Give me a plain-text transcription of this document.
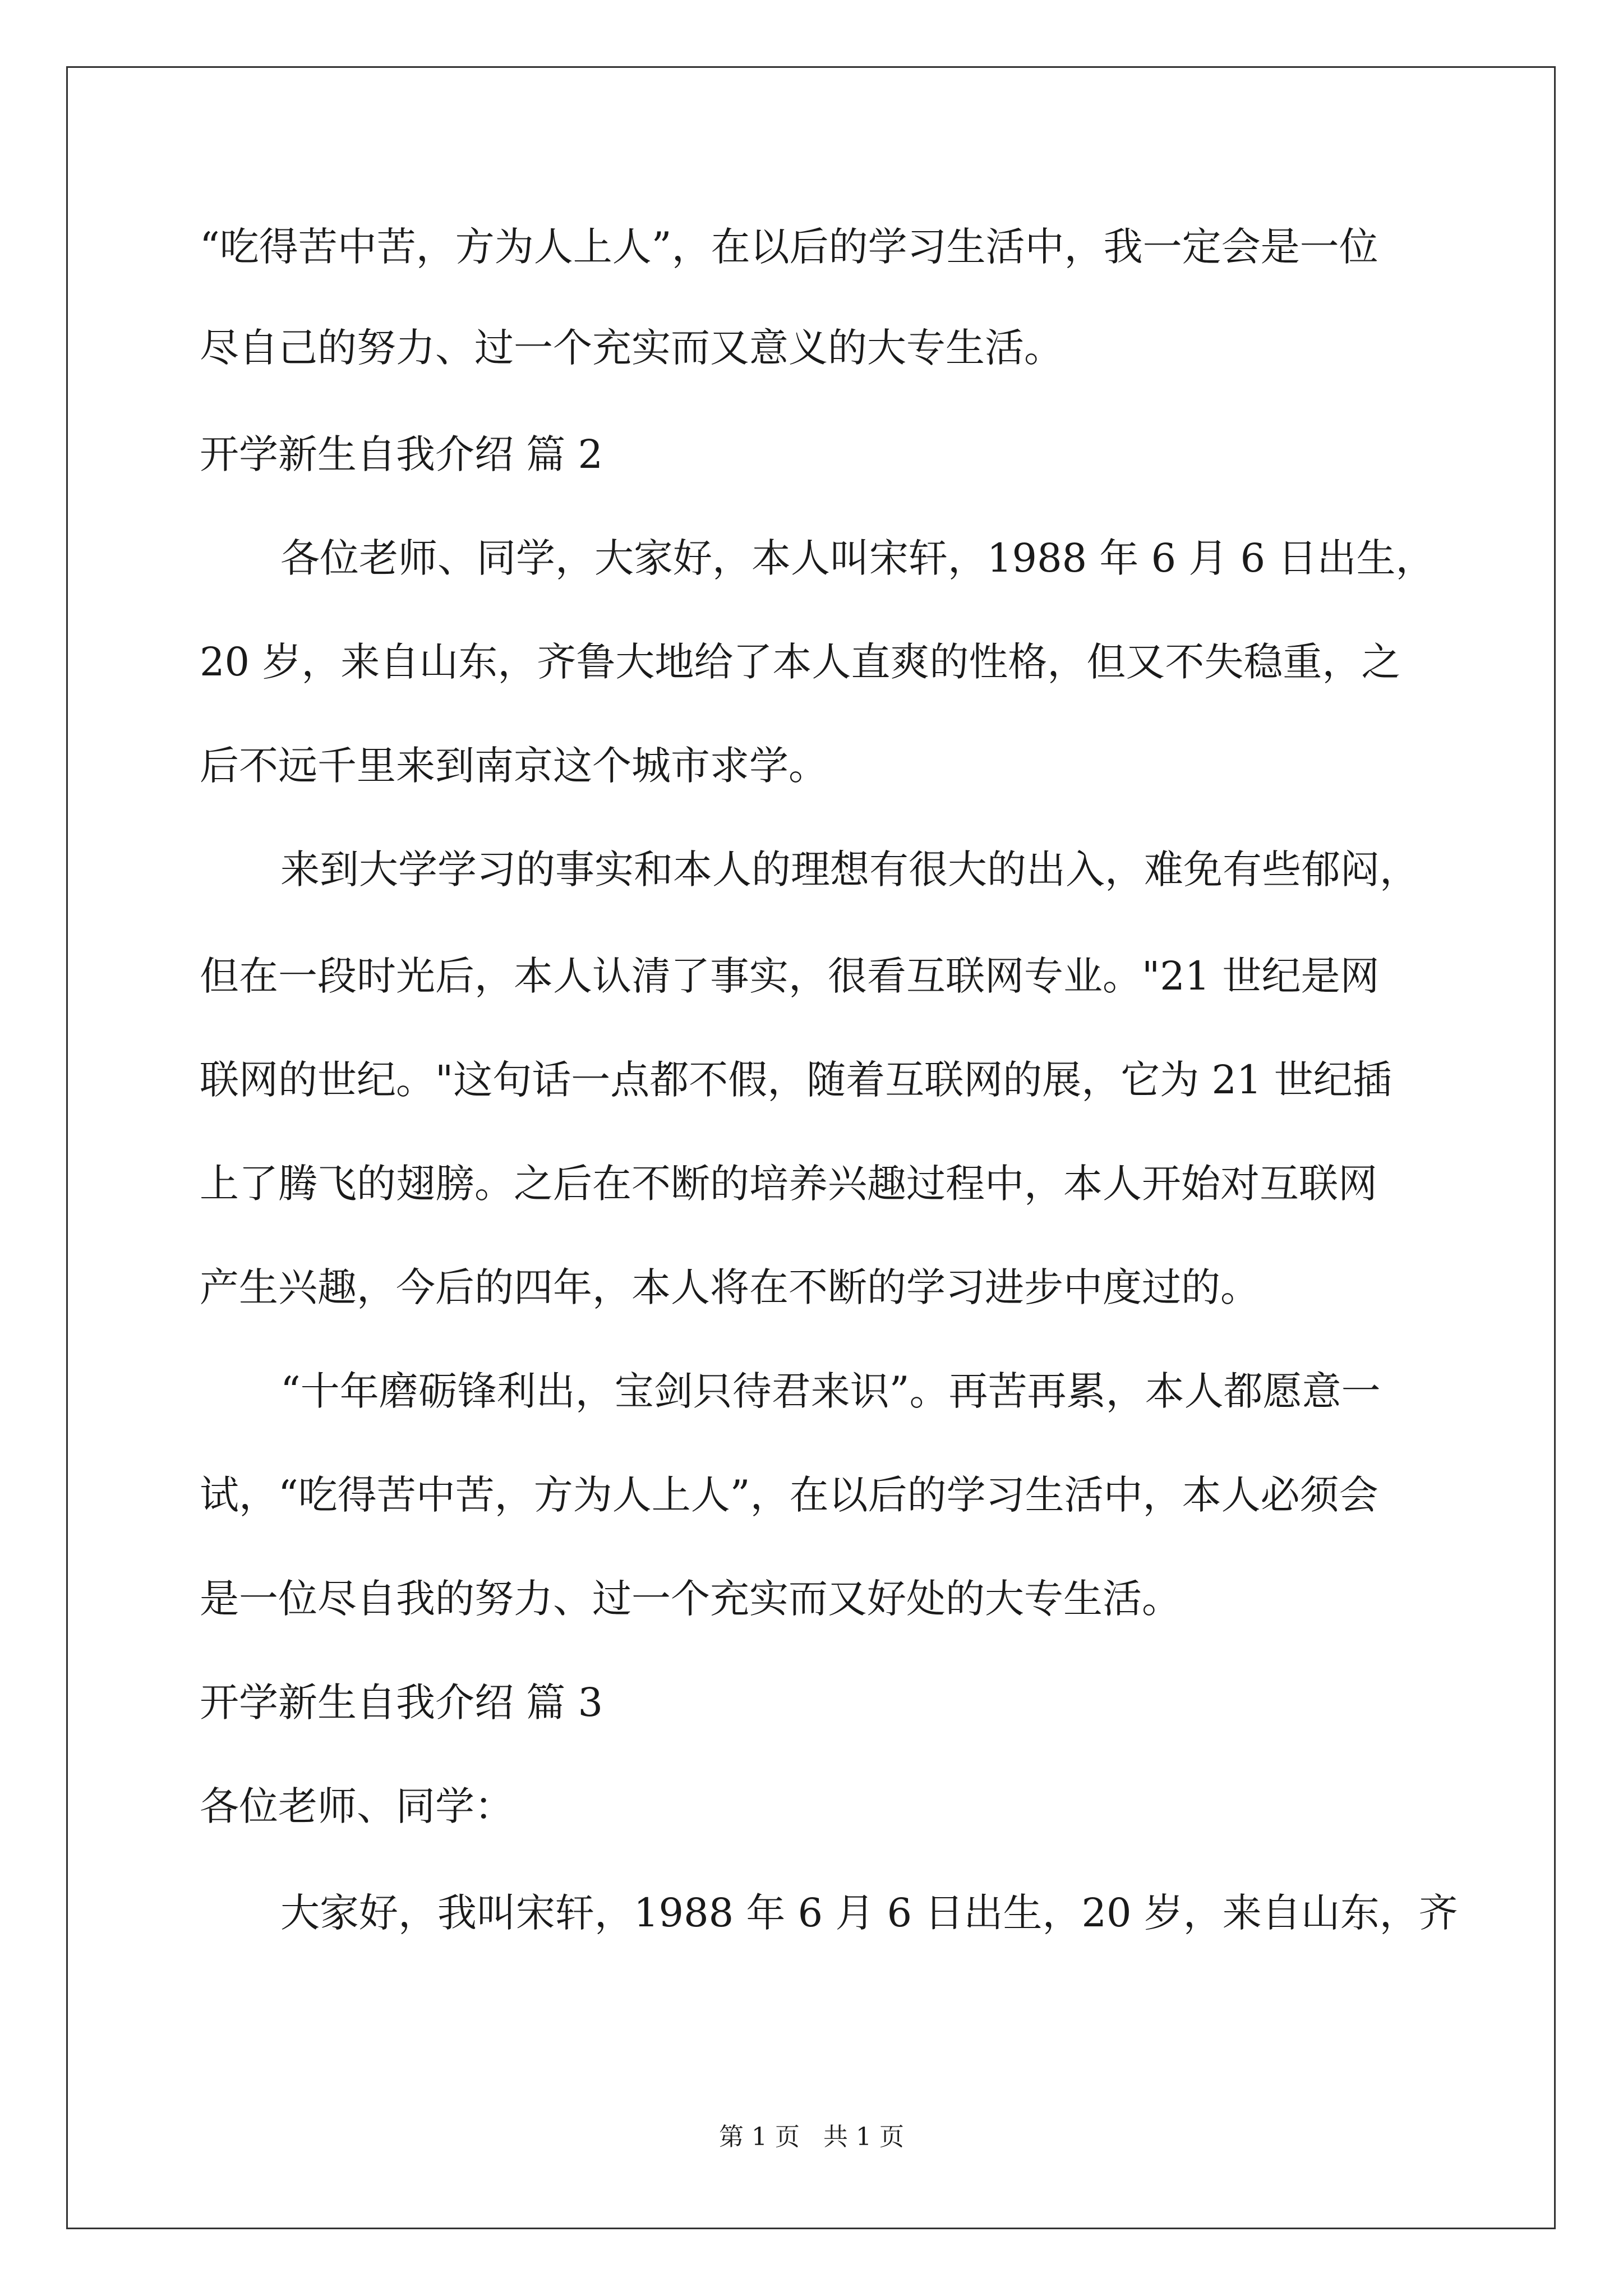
“吃得苦中苦，方为人上人”，在以后的学习生活中，我一定会是一位
尽自己的努力、过一个充实而又意义的大专生活。
开学新生自我介绍 篇 2
各位老师、同学，大家好，本人叫宋轩，1988 年 6 月 6 日出生，
20 岁，来自山东，齐鲁大地给了本人直爽的性格，但又不失稳重，之
后不远千里来到南京这个城市求学。
来到大学学习的事实和本人的理想有很大的出入，难免有些郁闷，
但在一段时光后，本人认清了事实，很看互联网专业。"21 世纪是网
联网的世纪。"这句话一点都不假，随着互联网的展，它为 21 世纪插
上了腾飞的翅膀。之后在不断的培养兴趣过程中，本人开始对互联网
产生兴趣，今后的四年，本人将在不断的学习进步中度过的。
“十年磨砺锋利出，宝剑只待君来识”。再苦再累，本人都愿意一
试，“吃得苦中苦，方为人上人”，在以后的学习生活中，本人必须会
是一位尽自我的努力、过一个充实而又好处的大专生活。
开学新生自我介绍 篇 3
各位老师、同学：
大家好，我叫宋轩，1988 年 6 月 6 日出生，20 岁，来自山东，齐
第 1 页   共 1 页
